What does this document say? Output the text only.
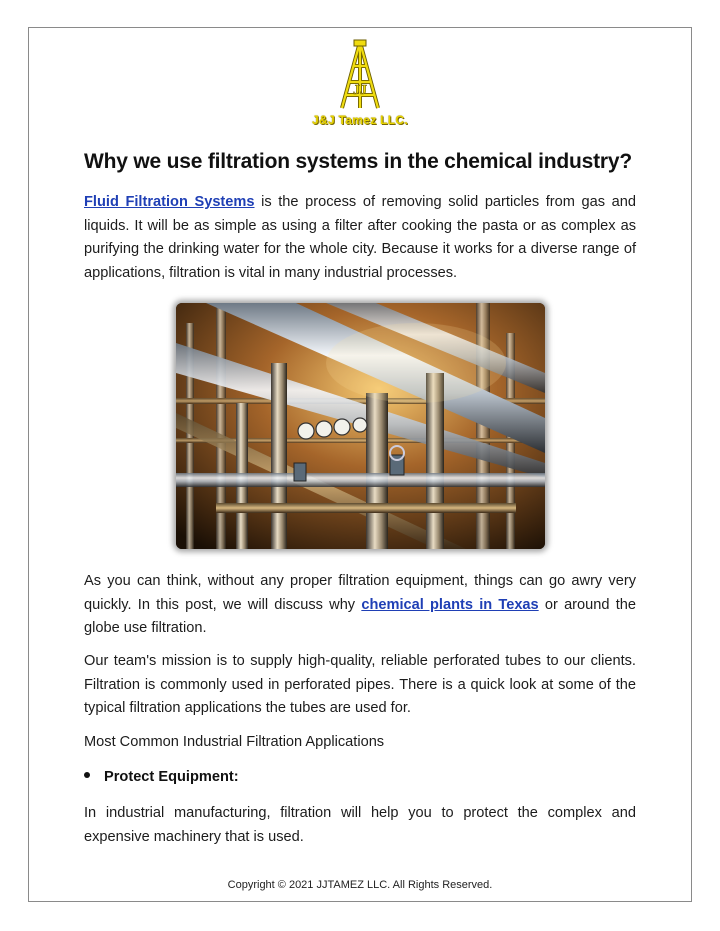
JJ
J&J Tamez LLC.
Why we use filtration systems in the chemical industry?

Fluid Filtration Systems is the process of removing solid particles from gas and liquids. It will be as simple as using a filter after cooking the pasta or as complex as purifying the drinking water for the whole city. Because it works for a diverse range of applications, filtration is vital in many industrial processes.

As you can think, without any proper filtration equipment, things can go awry very quickly. In this post, we will discuss why chemical plants in Texas or around the globe use filtration.

Our team's mission is to supply high-quality, reliable perforated tubes to our clients. Filtration is commonly used in perforated pipes. There is a quick look at some of the typical filtration applications the tubes are used for.

Most Common Industrial Filtration Applications

Protect Equipment:

In industrial manufacturing, filtration will help you to protect the complex and expensive machinery that is used.

Copyright © 2021 JJTAMEZ LLC. All Rights Reserved.
